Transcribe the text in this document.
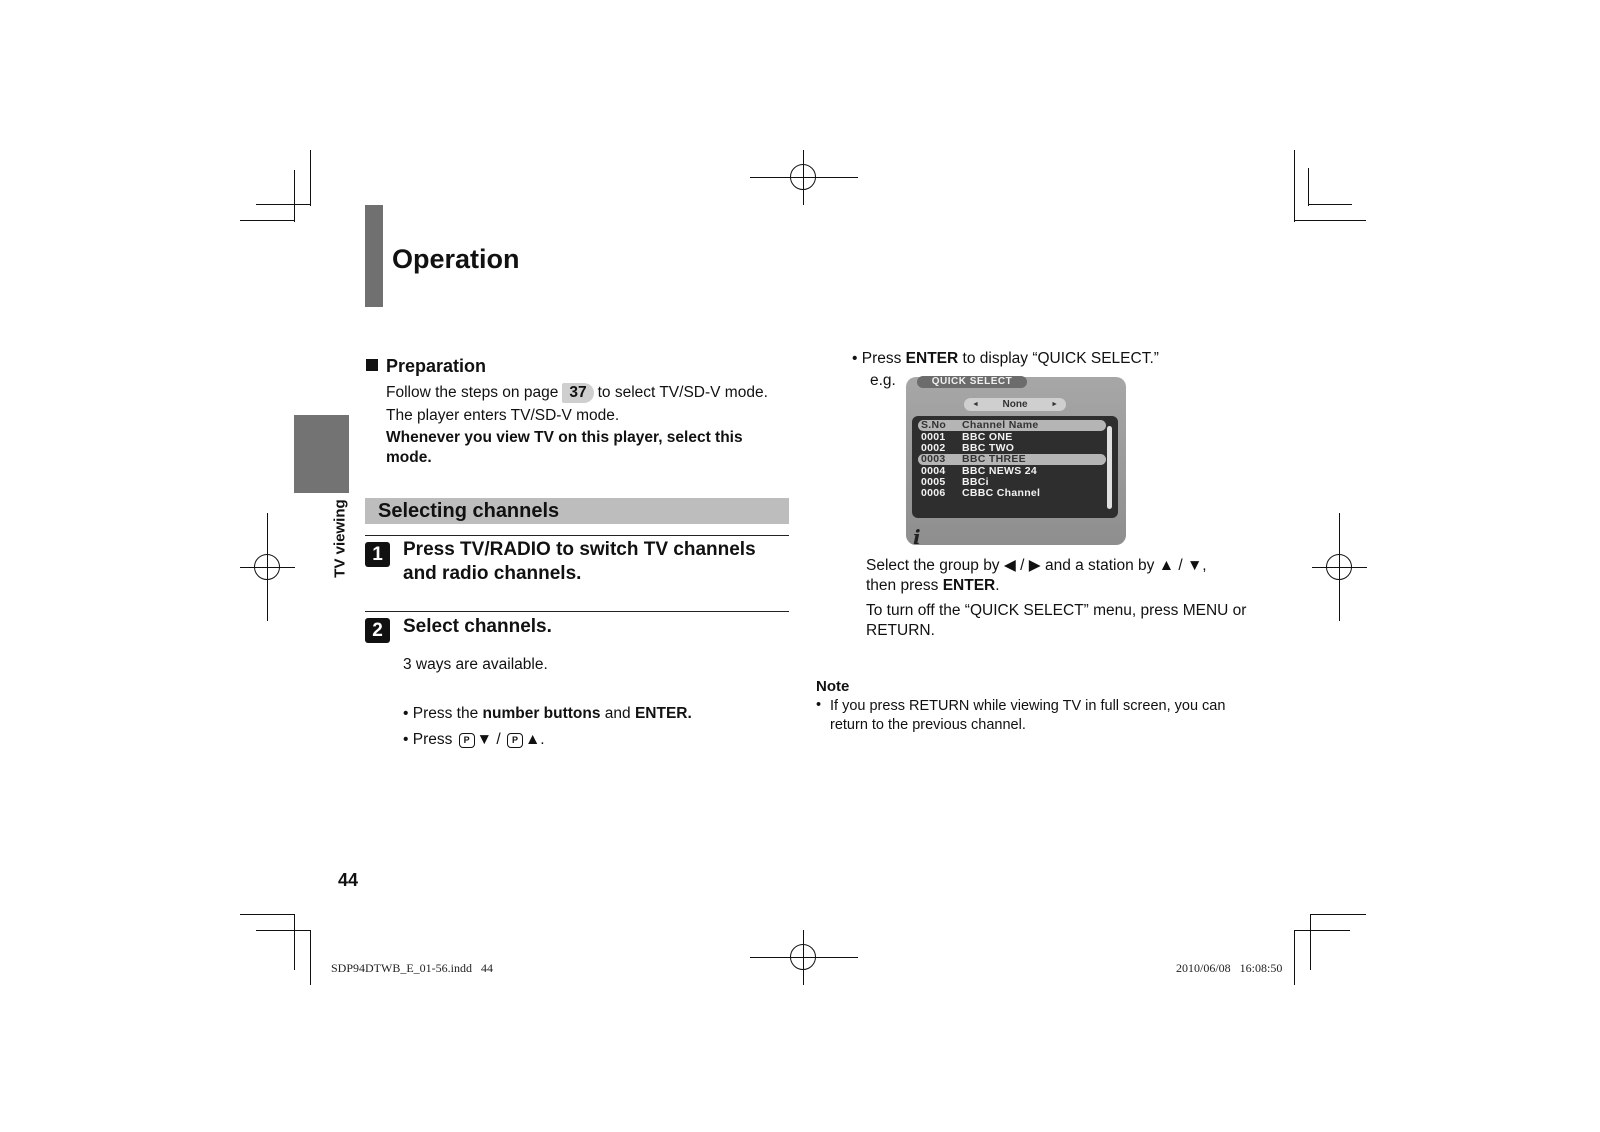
Operation
TV viewing
Preparation
Follow the steps on page 37 to select TV/SD-V mode.
The player enters TV/SD-V mode.
Whenever you view TV on this player, select this mode.
Selecting channels
1	Press TV/RADIO to switch TV channels and radio channels.
2	Select channels.
3 ways are available.
• Press the number buttons and ENTER.
• Press P ▼ / P ▲.
• Press ENTER to display “QUICK SELECT.”
e.g.	QUICK SELECT
◄ None	►
S.No Channel Name
0001 BBC ONE
0002 BBC TWO
0003 BBC THREE
0004 BBC NEWS 24
0005 BBCi
0006 CBBC Channel
i
Select the group by ◀ / ▶ and a station by ▲ / ▼,
then press ENTER.
To turn off the “QUICK SELECT” menu, press MENU or RETURN.
Note
• If you press RETURN while viewing TV in full screen, you can return to the previous channel.
44
SDP94DTWB_E_01-56.indd   44	2010/06/08   16:08:50
